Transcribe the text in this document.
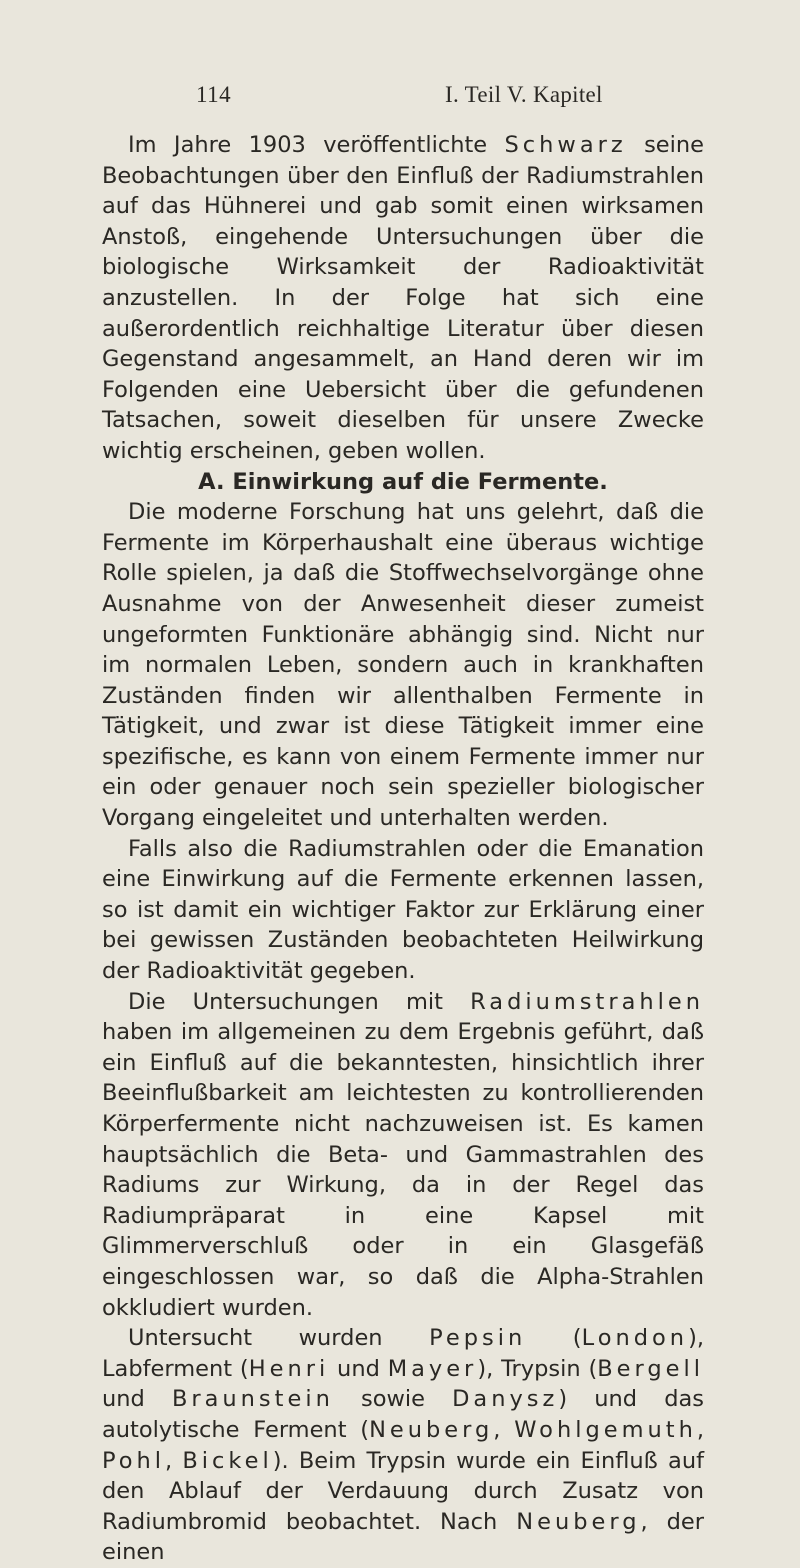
114	I. Teil V. Kapitel

Im Jahre 1903 veröffentlichte Schwarz seine Beobachtungen über den Einfluß der Radiumstrahlen auf das Hühnerei und gab somit einen wirksamen Anstoß, eingehende Untersuchungen über die biologische Wirksamkeit der Radioaktivität anzustellen. In der Folge hat sich eine außerordentlich reichhaltige Literatur über diesen Gegenstand angesammelt, an Hand deren wir im Folgenden eine Uebersicht über die gefundenen Tatsachen, soweit dieselben für unsere Zwecke wichtig erscheinen, geben wollen.

A. Einwirkung auf die Fermente.

Die moderne Forschung hat uns gelehrt, daß die Fermente im Körperhaushalt eine überaus wichtige Rolle spielen, ja daß die Stoffwechselvorgänge ohne Ausnahme von der Anwesenheit dieser zumeist ungeformten Funktionäre abhängig sind. Nicht nur im normalen Leben, sondern auch in krankhaften Zuständen finden wir allenthalben Fermente in Tätigkeit, und zwar ist diese Tätigkeit immer eine spezifische, es kann von einem Fermente immer nur ein oder genauer noch sein spezieller biologischer Vorgang eingeleitet und unterhalten werden.

Falls also die Radiumstrahlen oder die Emanation eine Einwirkung auf die Fermente erkennen lassen, so ist damit ein wichtiger Faktor zur Erklärung einer bei gewissen Zuständen beobachteten Heilwirkung der Radioaktivität gegeben.

Die Untersuchungen mit Radiumstrahlen haben im allgemeinen zu dem Ergebnis geführt, daß ein Einfluß auf die bekanntesten, hinsichtlich ihrer Beeinflußbarkeit am leichtesten zu kontrollierenden Körperfermente nicht nachzuweisen ist. Es kamen hauptsächlich die Beta- und Gammastrahlen des Radiums zur Wirkung, da in der Regel das Radiumpräparat in eine Kapsel mit Glimmerverschluß oder in ein Glasgefäß eingeschlossen war, so daß die Alpha-Strahlen okkludiert wurden.

Untersucht wurden Pepsin (London), Labferment (Henri und Mayer), Trypsin (Bergell und Braunstein sowie Danysz) und das autolytische Ferment (Neuberg, Wohlgemuth, Pohl, Bickel). Beim Trypsin wurde ein Einfluß auf den Ablauf der Verdauung durch Zusatz von Radiumbromid beobachtet. Nach Neuberg, der einen
